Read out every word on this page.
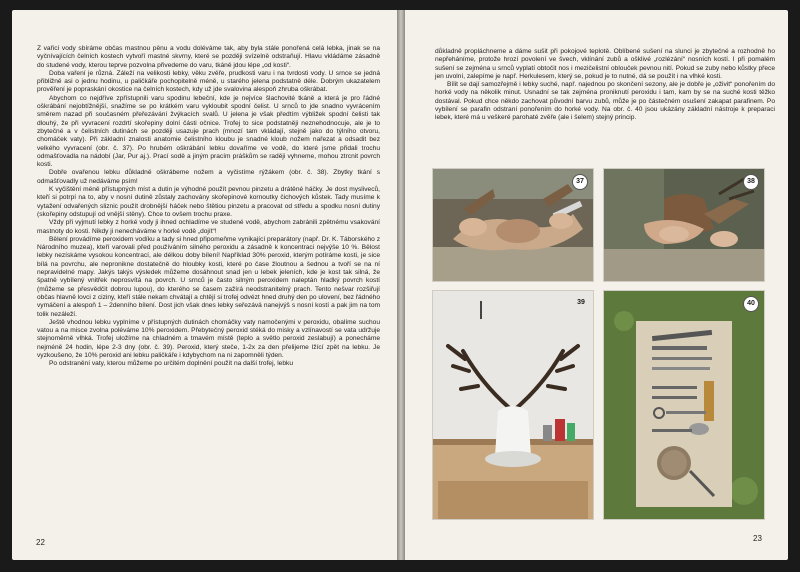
Z vařicí vody sbíráme občas mastnou pěnu a vodu doléváme tak, aby byla stále ponořená celá lebka, jinak se na vyčnívajících čelních kostech vytvoří mastné skvrny, které se později svízelně odstraňují. Hlavu vkládáme zásadně do studené vody, kterou teprve pozvolna přivedeme do varu, tkáně jdou lépe „od kosti“.

Doba vaření je různá. Záleží na velikosti lebky, věku zvěře, prudkosti varu i na tvrdosti vody. U srnce se jedná přibližně asi o jednu hodinu, u paličkáře pochopitelně méně, u starého jelena podstatně déle. Dobrým ukazatelem prověření je popraskání okostice na čelních kostech, kdy už jde svalovina alespoň zhruba oškrábat.

Abychom co nejdříve zpřístupnili varu spodinu lebeční, kde je nejvíce šlachovité tkáně a která je pro řádné oškrábání nejobtížnější, snažíme se po krátkém varu vykloubit spodní čelist. U srnců to jde snadno vyvrácením směrem nazad při současném přeřezávání žvýkacích svalů. U jelena je však předtím výbližek spodní čelisti tak dlouhý, že při vyvracení rozdrtí skořepiny dolní části očnice. Trofej to sice podstatněji neznehodnocuje, ale je to zbytečné a v čelistních dutinách se později usazuje prach (mnozí tam vkládají, stejně jako do týlního otvoru, chomáček vaty). Při základní znalosti anatomie čelistního kloubu je snadné kloub nožem nařezat a odsadit bez velkého vyvracení (obr. č. 37). Po hrubém oškrábání lebku dovaříme ve vodě, do které jsme přidali trochu odmašťovadla na nádobí (Jar, Pur aj.). Prací sodě a jiným pracím práškům se raději vyhneme, mohou ztrcnit povrch kosti.

Dobře ovařenou lebku důkladně oškrábeme nožem a vyčistíme rýžákem (obr. č. 38). Zbytky tkání s odmašťovadly už nedáváme psím!

K vyčištění méně přístupných míst a dutin je výhodné použít pevnou pinzetu a drátěné háčky. Je dost mysliveců, kteří si potrpí na to, aby v nosní dutině zůstaly zachovány skořepinové kornoutky čichových kůstek. Tady musíme k vytažení odvařených sliznic použít drobnější háček nebo štětiou pinzetu a pracovat od středu a spodku nosní dutiny (skořepiny odstupují od vnější stěny). Chce to ovšem trochu praxe.

Vždy při vyjmutí lebky z horké vody ji ihned ochladíme ve studené vodě, abychom zabránili zpětnému vsakování mastnoty do kosti. Nikdy ji nenecháváme v horké vodě „dojít“!

Bělení provádíme peroxidem vodíku a tady si hned připomeňme vynikající preparátory (např. Dr. K. Táborského z Národního muzea), kteří varovali před používáním silného peroxidu a zásadně k koncentraci nejvýše 10 %. Bělost lebky nezískáme vysokou koncentrací, ale délkou doby bílení! Například 30% peroxid, kterým potíráme kosti, je sice bílá na povrchu, ale nepronikne dostatečně do hloubky kosti, které po čase žloutnou a šednou a tvoří se na ní nepravidelné mapy. Jakýs takýs výsledek můžeme dosáhnout snad jen u lebek jeleních, kde je kost tak silná, že špatně vybílený vnitřek neprosvítá na povrch. U srnců je často silným peroxidem naleptán hladký povrch kostí (můžeme se přesvědčit dobrou lupou), do kterého se časem zažírá neodstranitelný prach. Tento nešvar rozšiřují občas hlavně lovci z ciziny, kteří stále nekam chvátají a chtějí si trofej odvézt hned druhý den po ulovení, bez řádného vymáčení a alespoň 1 – 2denního bílení. Dost jich však dnes lebky seřezává nanejvýš s nosní kostí a pak jim na tom tolik nezáleží.

Ještě vhodnou lebku vyplníme v přístupných dutinách chomáčky vaty namočenými v peroxidu, obalíme suchou vatou a na misce zvolna poléváme 10% peroxidem. Přebytečný peroxid stéká do misky a vzlínavostí se vata udržuje stejnoměrně vlhká. Trofej uložíme na chladném a tmavém místě (teplo a světlo peroxid zeslabují) a ponecháme nejméně 24 hodin, lépe 2-3 dny (obr. č. 39). Peroxid, který steče, 1-2x za den přelijeme lžící zpět na lebku. Je vyzkoušeno, že 10% peroxid ani lebku paličkáře i kdybychom na ni zapomněli týden.

Po odstranění vaty, kterou můžeme po určitém doplnění použít na další trofej, lebku

22

důkladně propláchneme a dáme sušit při pokojové teplotě. Oblíbené sušení na slunci je zbytečné a rozhodně ho nepřeháníme, protože hrozí povolení ve švech, vklínání zubů a ošklivé „rozlézání“ nosních kostí. I při pomalém sušení se zejména u srnců vyplatí obtočit nos i mezičelistní oblouček pevnou nití. Pokud se zuby nebo kůstky přece jen uvolní, zalepíme je např. Herkulesem, který se, pokud je to nutné, dá se použít i na vlhké kosti.

Bílit se dají samozřejmě i lebky suché, např. najednou po skončení sezony, ale je dobře je „oživit“ ponořením do horké vody na několik minut. Usnadní se tak zejména proniknutí peroxidu i tam, kam by se na suché kosti těžko dostával. Pokud chce někdo zachovat původní barvu zubů, může je po částečném osušení zakapat parafinem. Po vybílení se parafin odstraní ponořením do horké vody. Na obr. č. 40 jsou ukázány základní nástroje k preparaci lebek, které má u veškeré parohaté zvěře (ale i šelem) stejný princip.

37	38
39	40
23
